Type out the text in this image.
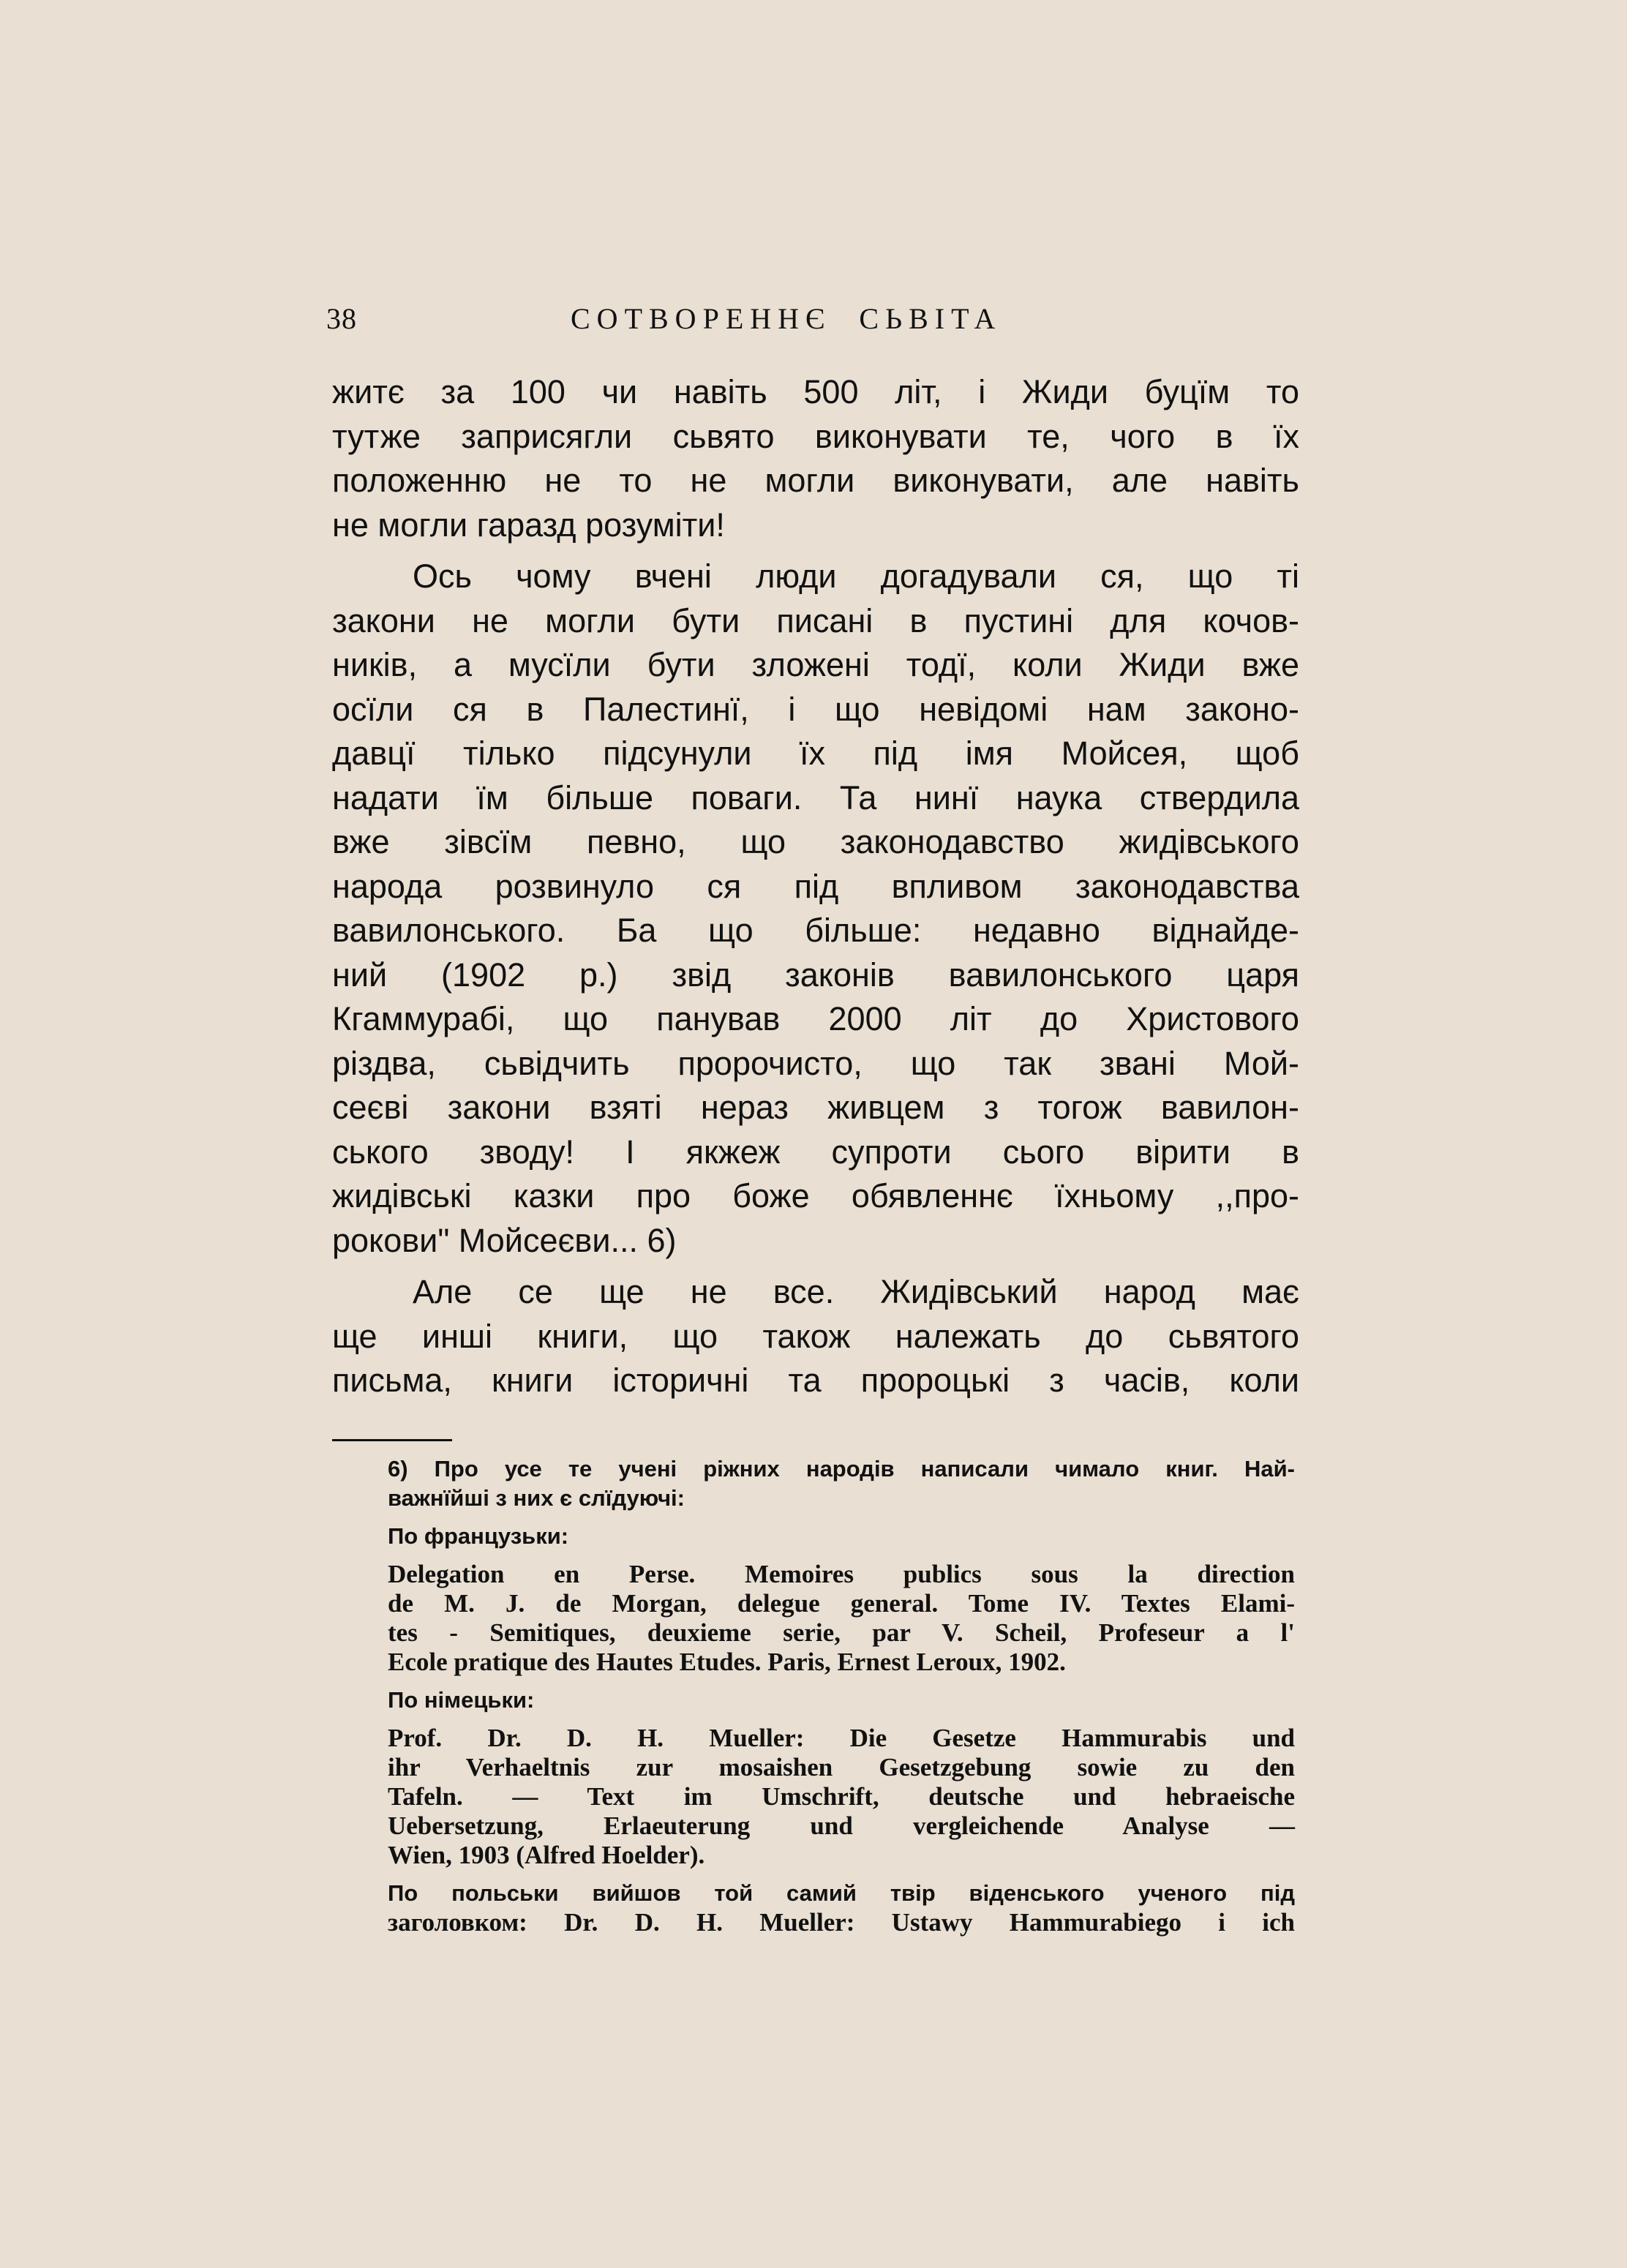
38	СОТВОРЕННЄ  СЬВІТА
житє за 100 чи навіть 500 літ, і Жиди буцїм то
тутже заприсягли сьвято виконувати те, чого в їх
положенню не то не могли виконувати, але навіть
не могли гаразд розуміти!
Ось чому вчені люди догадували ся, що ті
закони не могли бути писані в пустині для кочов-
ників, а мусїли бути зложені тодї, коли Жиди вже
осїли ся в Палестинї, і що невідомі нам законо-
давцї тілько підсунули їх під імя Мойсея, щоб
надати їм більше поваги. Та нинї наука ствердила
вже зівсїм певно, що законодавство жидівського
народа розвинуло ся під впливом законодавства
вавилонського. Ба що більше: недавно віднайде-
ний (1902 р.) звід законів вавилонського царя
Кгаммурабі, що панував 2000 літ до Христового
різдва, сьвідчить пророчисто, що так звані Мой-
сеєві закони взяті нераз живцем з тогож вавилон-
ського зводу! І якжеж супроти сього вірити в
жидівські казки про боже обявленнє їхньому ,,про-
рокови" Мойсеєви... 6)
Але се ще не все. Жидівський народ має
ще инші книги, що також належать до сьвятого
письма, книги історичні та пророцькі з часів, коли
6) Про усе те учені ріжних народів написали чимало книг. Най-
важнїйші з них є слїдуючі:
По французьки:
Delegation en Perse. Memoires publics sous la direction
de M. J. de Morgan, delegue general. Tome IV. Textes Elami-
tes - Semitiques, deuxieme serie, par V. Scheil, Profeseur a l'
Ecole pratique des Hautes Etudes. Paris, Ernest Leroux, 1902.
По німецьки:
Prof. Dr. D. H. Mueller: Die Gesetze Hammurabis und
ihr Verhaeltnis zur mosaishen Gesetzgebung sowie zu den
Tafeln. — Text im Umschrift, deutsche und hebraeische
Uebersetzung, Erlaeuterung und vergleichende Analyse —
Wien, 1903 (Alfred Hoelder).
По польськи вийшов той самий твір віденського ученого під
заголовком: Dr. D. H. Mueller: Ustawy Hammurabiego i ich
